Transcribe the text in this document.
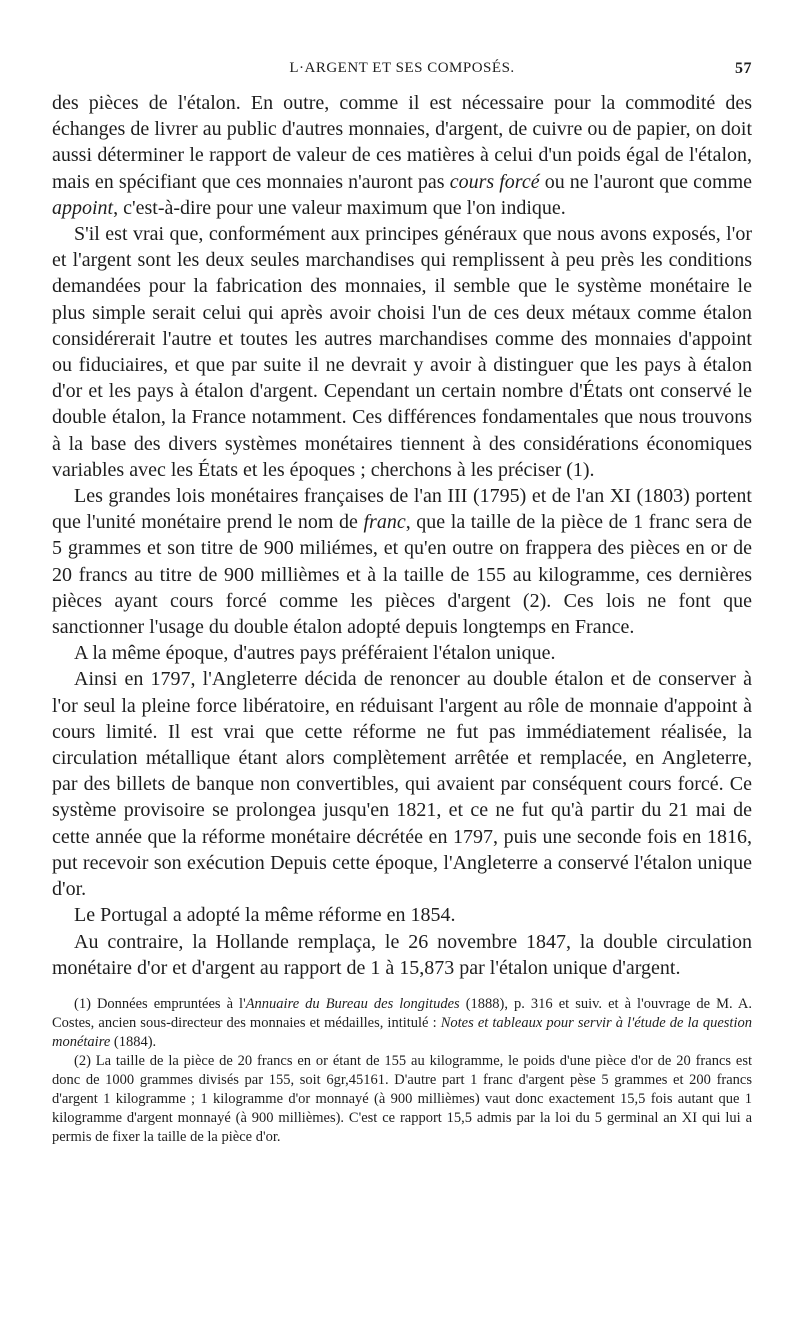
L·ARGENT ET SES COMPOSÉS.	57

des pièces de l'étalon. En outre, comme il est nécessaire pour la commodité des échanges de livrer au public d'autres monnaies, d'argent, de cuivre ou de papier, on doit aussi déterminer le rapport de valeur de ces matières à celui d'un poids égal de l'étalon, mais en spécifiant que ces monnaies n'auront pas cours forcé ou ne l'auront que comme appoint, c'est-à-dire pour une valeur maximum que l'on indique.

S'il est vrai que, conformément aux principes généraux que nous avons exposés, l'or et l'argent sont les deux seules marchandises qui remplissent à peu près les conditions demandées pour la fabrication des monnaies, il semble que le système monétaire le plus simple serait celui qui après avoir choisi l'un de ces deux métaux comme étalon considérerait l'autre et toutes les autres marchandises comme des monnaies d'appoint ou fiduciaires, et que par suite il ne devrait y avoir à distinguer que les pays à étalon d'or et les pays à étalon d'argent. Cependant un certain nombre d'États ont conservé le double étalon, la France notamment. Ces différences fondamentales que nous trouvons à la base des divers systèmes monétaires tiennent à des considérations économiques variables avec les États et les époques ; cherchons à les préciser (1).

Les grandes lois monétaires françaises de l'an III (1795) et de l'an XI (1803) portent que l'unité monétaire prend le nom de franc, que la taille de la pièce de 1 franc sera de 5 grammes et son titre de 900 miliémes, et qu'en outre on frappera des pièces en or de 20 francs au titre de 900 millièmes et à la taille de 155 au kilogramme, ces dernières pièces ayant cours forcé comme les pièces d'argent (2). Ces lois ne font que sanctionner l'usage du double étalon adopté depuis longtemps en France.

A la même époque, d'autres pays préféraient l'étalon unique.

Ainsi en 1797, l'Angleterre décida de renoncer au double étalon et de conserver à l'or seul la pleine force libératoire, en réduisant l'argent au rôle de monnaie d'appoint à cours limité. Il est vrai que cette réforme ne fut pas immédiatement réalisée, la circulation métallique étant alors complètement arrêtée et remplacée, en Angleterre, par des billets de banque non convertibles, qui avaient par conséquent cours forcé. Ce système provisoire se prolongea jusqu'en 1821, et ce ne fut qu'à partir du 21 mai de cette année que la réforme monétaire décrétée en 1797, puis une seconde fois en 1816, put recevoir son exécution Depuis cette époque, l'Angleterre a conservé l'étalon unique d'or.

Le Portugal a adopté la même réforme en 1854.

Au contraire, la Hollande remplaça, le 26 novembre 1847, la double circulation monétaire d'or et d'argent au rapport de 1 à 15,873 par l'étalon unique d'argent.

(1) Données empruntées à l'Annuaire du Bureau des longitudes (1888), p. 316 et suiv. et à l'ouvrage de M. A. Costes, ancien sous-directeur des monnaies et médailles, intitulé : Notes et tableaux pour servir à l'étude de la question monétaire (1884).

(2) La taille de la pièce de 20 francs en or étant de 155 au kilogramme, le poids d'une pièce d'or de 20 francs est donc de 1000 grammes divisés par 155, soit 6gr,45161. D'autre part 1 franc d'argent pèse 5 grammes et 200 francs d'argent 1 kilogramme ; 1 kilogramme d'or monnayé (à 900 millièmes) vaut donc exactement 15,5 fois autant que 1 kilogramme d'argent monnayé (à 900 millièmes). C'est ce rapport 15,5 admis par la loi du 5 germinal an XI qui lui a permis de fixer la taille de la pièce d'or.
